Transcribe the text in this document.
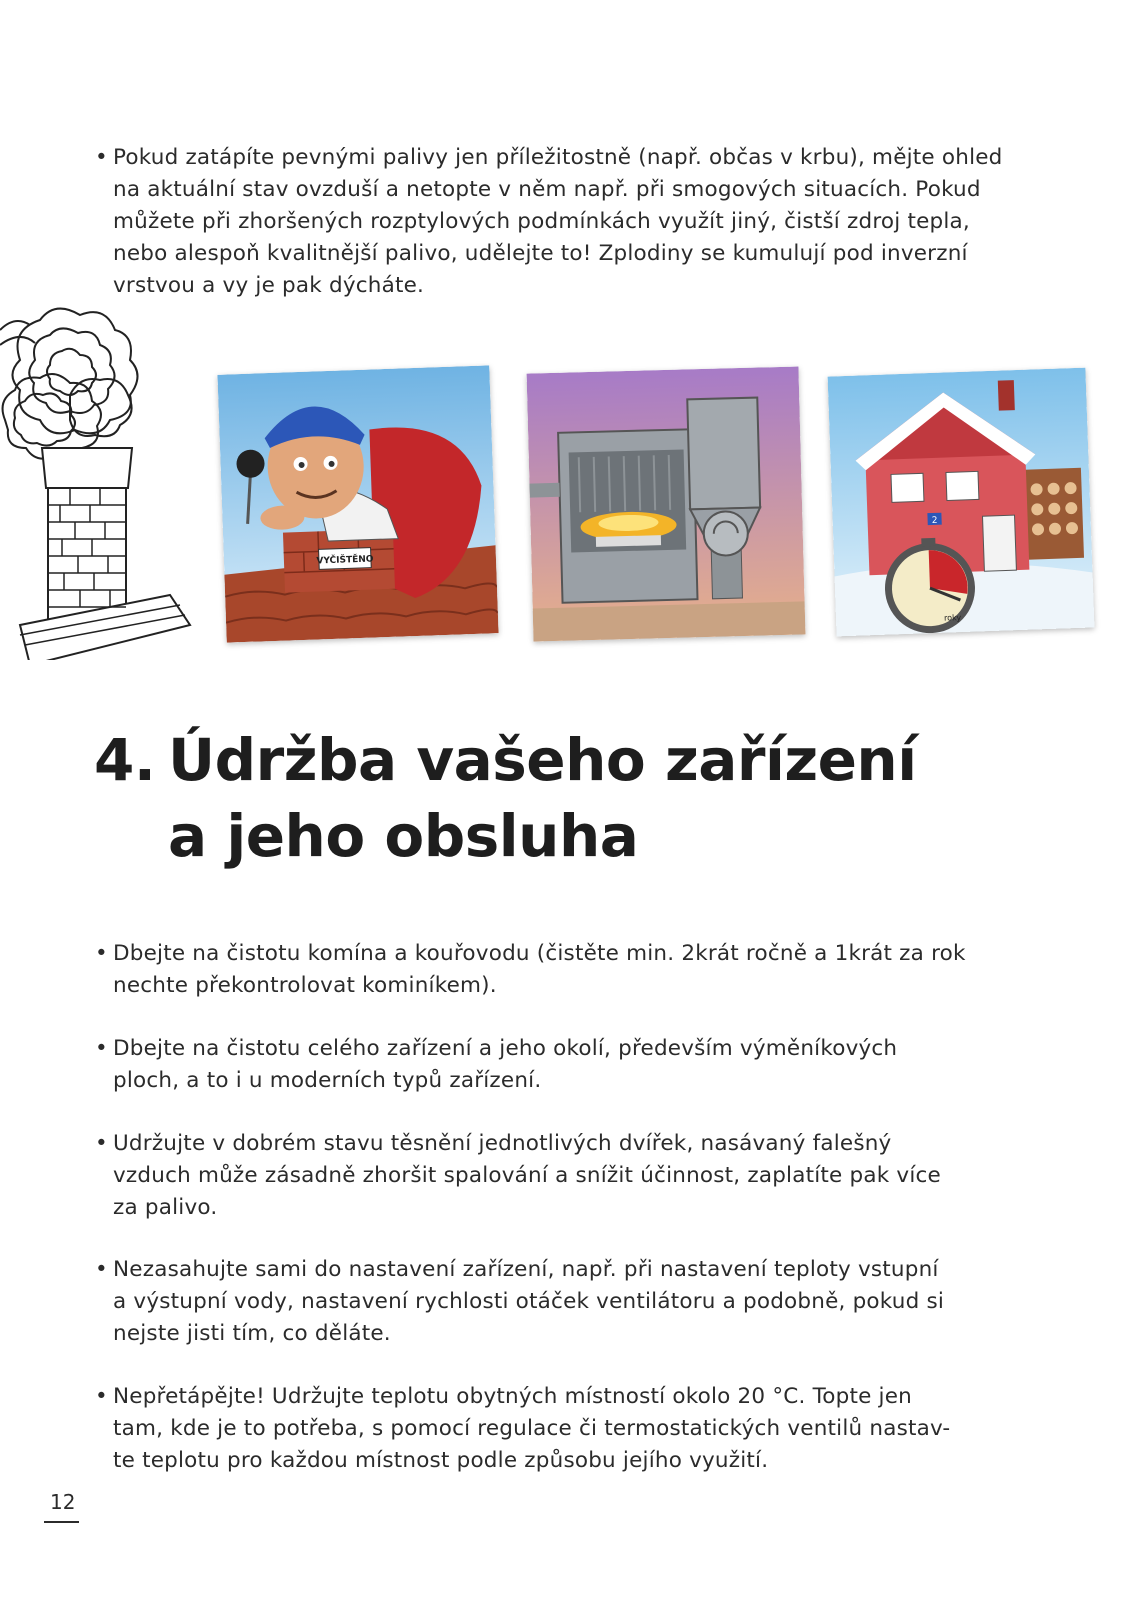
• Pokud zatápíte pevnými palivy jen příležitostně (např. občas v krbu), mějte ohled
na aktuální stav ovzduší a netopte v něm např. při smogových situacích. Pokud
můžete při zhoršených rozptylových podmínkách využít jiný, čistší zdroj tepla,
nebo alespoň kvalitnější palivo, udělejte to! Zplodiny se kumulují pod inverzní
vrstvou a vy je pak dýcháte.
VYČIŠTĚNO
2
roky
4. Údržba vašeho zařízení
a jeho obsluha
• Dbejte na čistotu komína a kouřovodu (čistěte min. 2krát ročně a 1krát za rok
nechte překontrolovat kominíkem).
• Dbejte na čistotu celého zařízení a jeho okolí, především výměníkových
ploch, a to i u moderních typů zařízení.
• Udržujte v dobrém stavu těsnění jednotlivých dvířek, nasávaný falešný
vzduch může zásadně zhoršit spalování a snížit účinnost, zaplatíte pak více
za palivo.
• Nezasahujte sami do nastavení zařízení, např. při nastavení teploty vstupní
a výstupní vody, nastavení rychlosti otáček ventilátoru a podobně, pokud si
nejste jisti tím, co děláte.
• Nepřetápějte! Udržujte teplotu obytných místností okolo 20 °C. Topte jen
tam, kde je to potřeba, s pomocí regulace či termostatických ventilů nastav-
te teplotu pro každou místnost podle způsobu jejího využití.
12
